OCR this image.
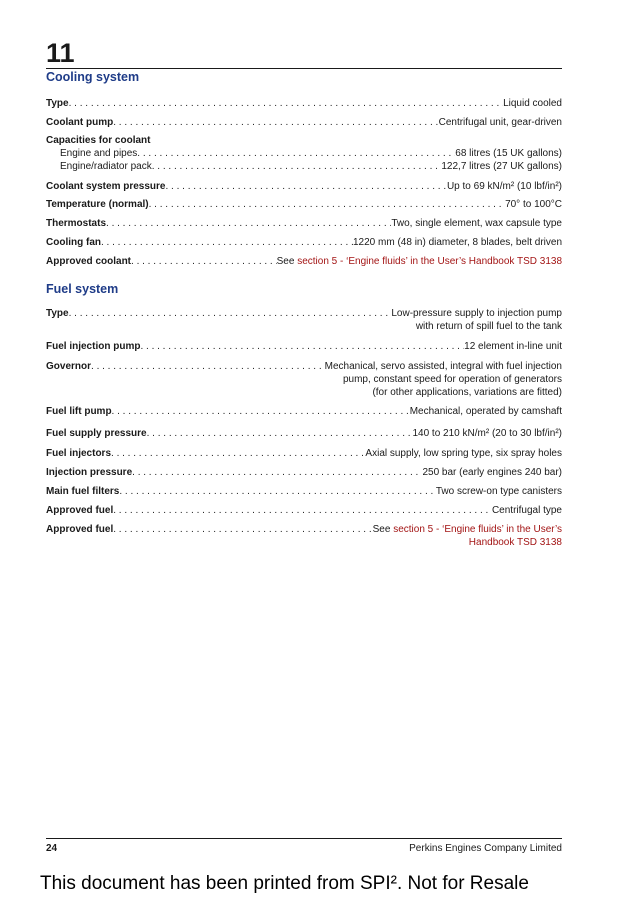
11
Cooling system
Type . . .	Liquid cooled
Coolant pump . . .	Centrifugal unit, gear-driven
Capacities for coolant
Engine and pipes . . .	68 litres (15 UK gallons)
Engine/radiator pack . . .	122,7 litres (27 UK gallons)
Coolant system pressure . . .	Up to 69 kN/m² (10 lbf/in²)
Temperature (normal) . . .	70° to 100°C
Thermostats . . .	Two, single element, wax capsule type
Cooling fan . . .	1220 mm (48 in) diameter, 8 blades, belt driven
Approved coolant . . .	See section 5 - ‘Engine fluids’ in the User’s Handbook TSD 3138
Fuel system
Type . . .	Low-pressure supply to injection pump
with return of spill fuel to the tank
Fuel injection pump . . .	12 element in-line unit
Governor . . .	Mechanical, servo assisted, integral with fuel injection
pump, constant speed for operation of generators
(for other applications, variations are fitted)
Fuel lift pump . . .	Mechanical, operated by camshaft
Fuel supply pressure . . .	140 to 210 kN/m² (20 to 30 lbf/in²)
Fuel injectors . . .	Axial supply, low spring type, six spray holes
Injection pressure . . .	250 bar (early engines 240 bar)
Main fuel filters . . .	Two screw-on type canisters
Approved fuel . . .	Centrifugal type
Approved fuel . . .	See section 5 - ‘Engine fluids’ in the User’s
Handbook TSD 3138
24	Perkins Engines Company Limited
This document has been printed from SPI². Not for Resale
